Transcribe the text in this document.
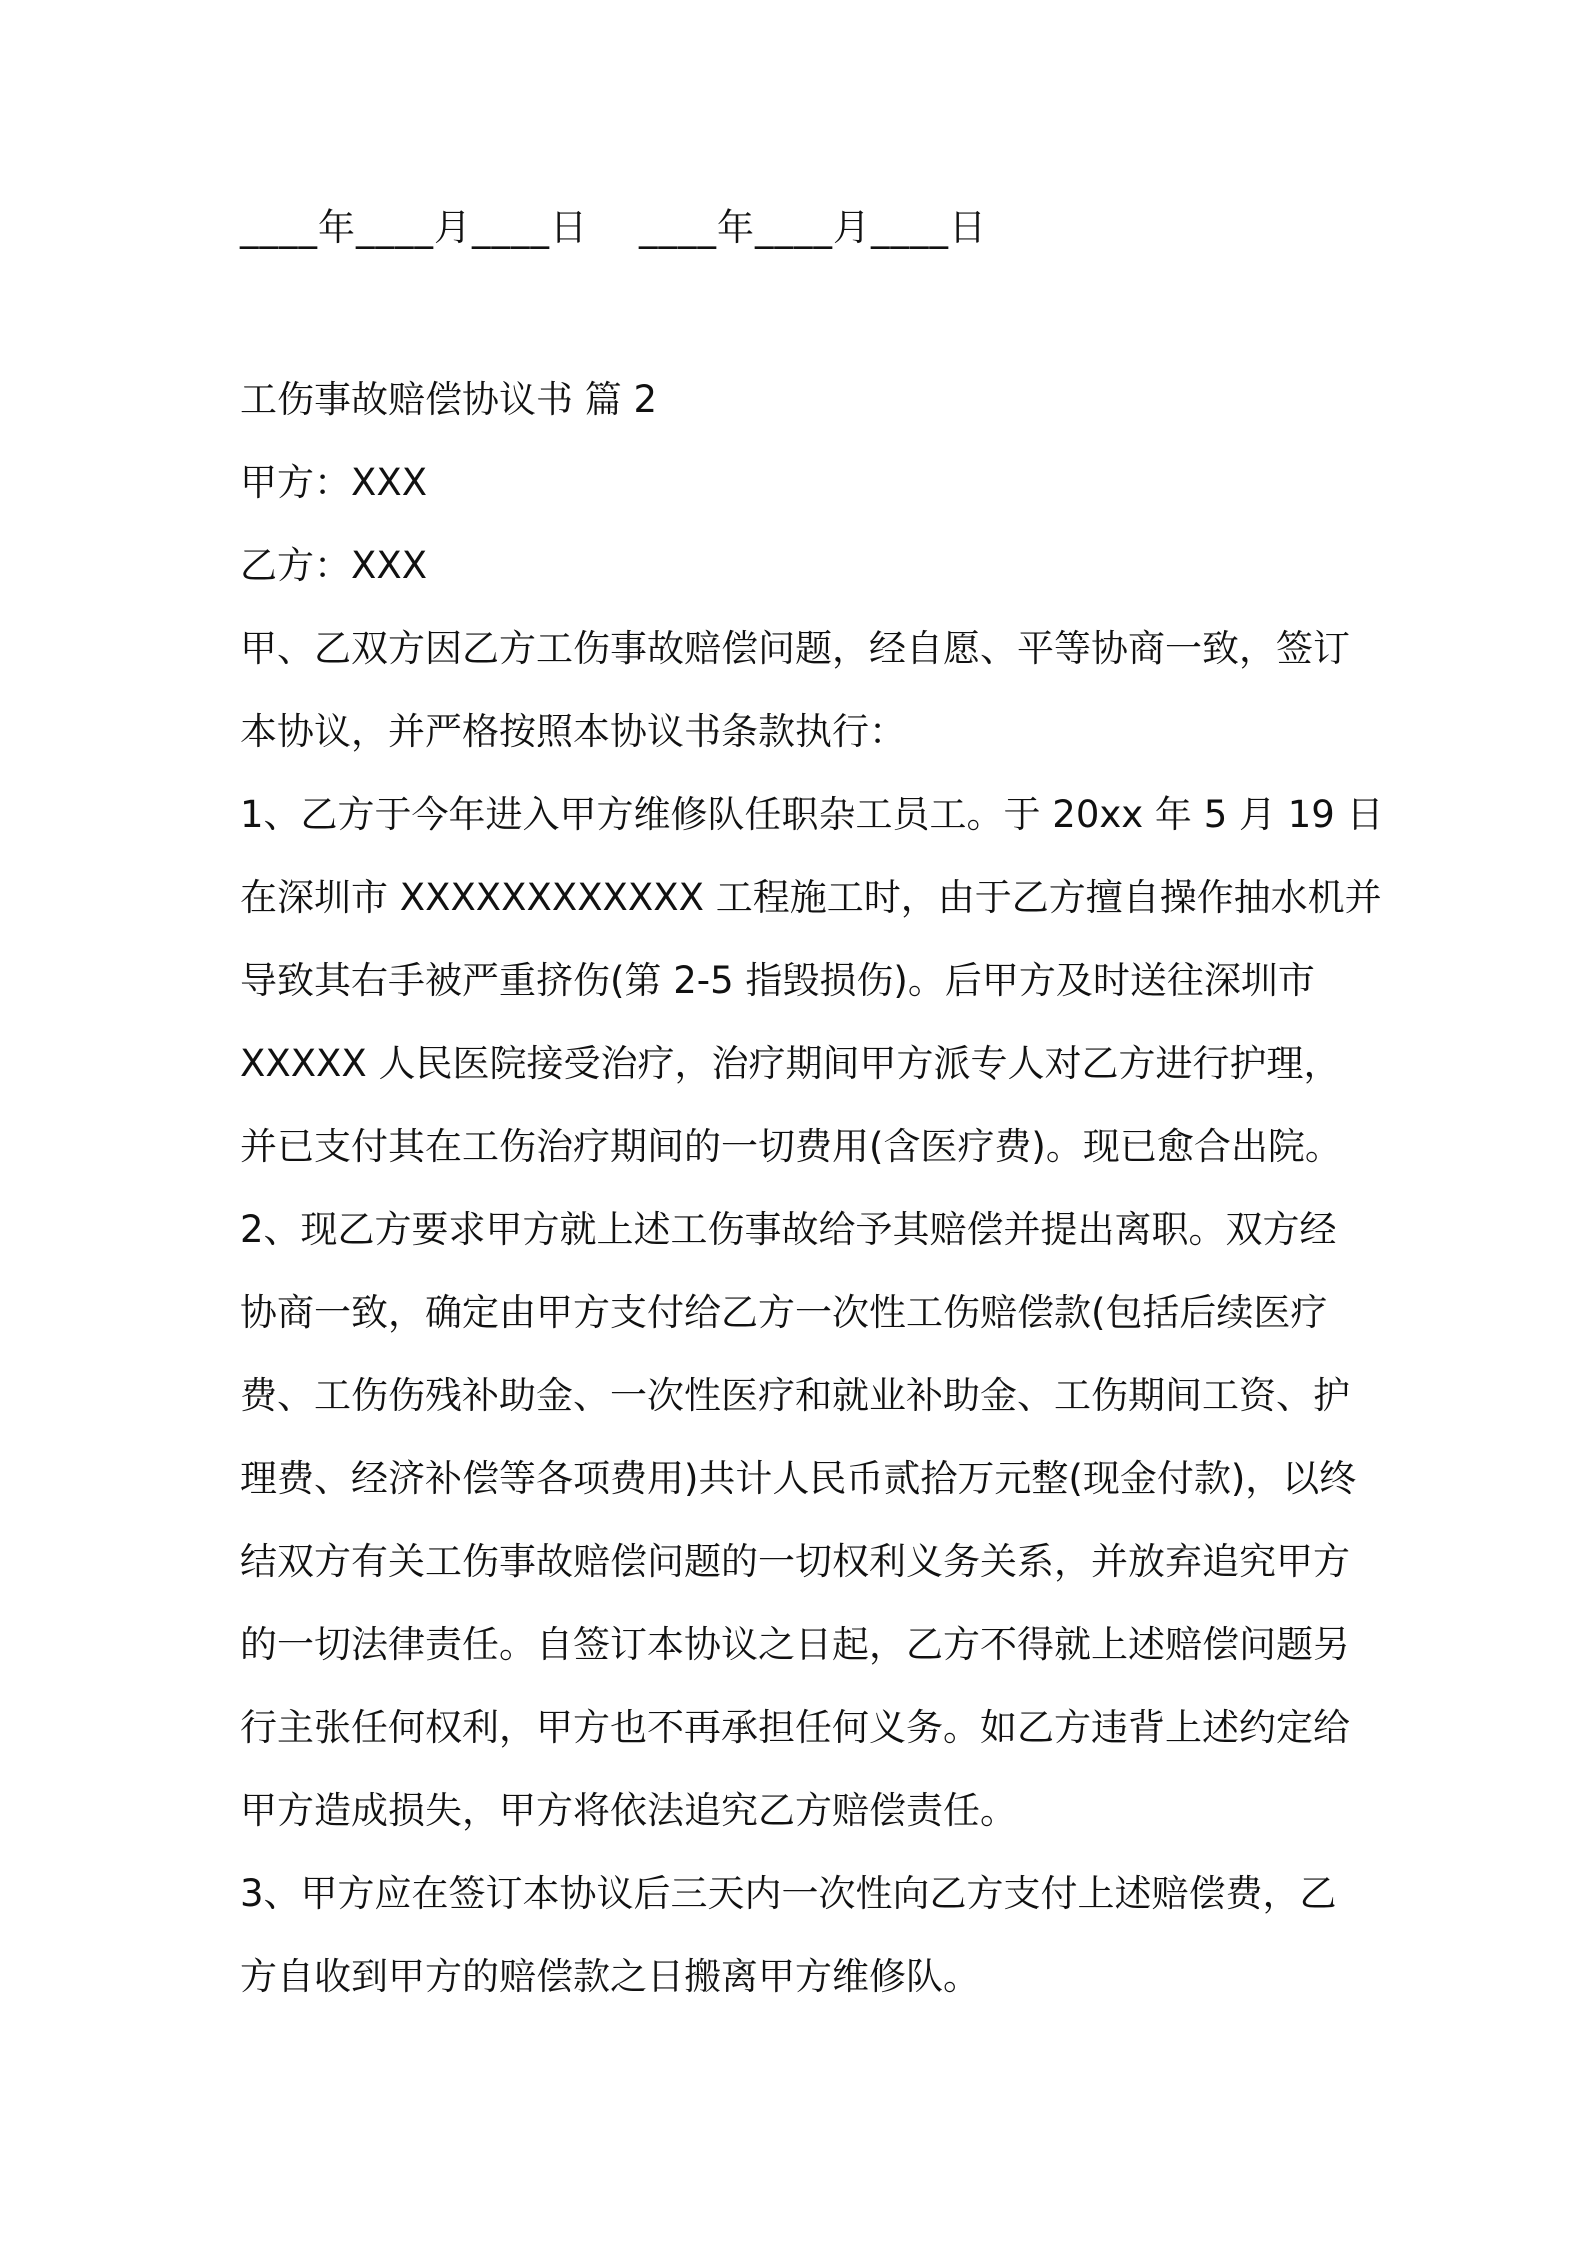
____年____月____日    ____年____月____日
工伤事故赔偿协议书 篇 2
甲方：XXX
乙方：XXX
甲、乙双方因乙方工伤事故赔偿问题，经自愿、平等协商一致，签订
本协议，并严格按照本协议书条款执行：
1、乙方于今年进入甲方维修队任职杂工员工。于 20xx 年 5 月 19 日
在深圳市 XXXXXXXXXXXX 工程施工时，由于乙方擅自操作抽水机并
导致其右手被严重挤伤(第 2-5 指毁损伤)。后甲方及时送往深圳市
XXXXX 人民医院接受治疗，治疗期间甲方派专人对乙方进行护理，
并已支付其在工伤治疗期间的一切费用(含医疗费)。现已愈合出院。
2、现乙方要求甲方就上述工伤事故给予其赔偿并提出离职。双方经
协商一致，确定由甲方支付给乙方一次性工伤赔偿款(包括后续医疗
费、工伤伤残补助金、一次性医疗和就业补助金、工伤期间工资、护
理费、经济补偿等各项费用)共计人民币贰拾万元整(现金付款)，以终
结双方有关工伤事故赔偿问题的一切权利义务关系，并放弃追究甲方
的一切法律责任。自签订本协议之日起，乙方不得就上述赔偿问题另
行主张任何权利，甲方也不再承担任何义务。如乙方违背上述约定给
甲方造成损失，甲方将依法追究乙方赔偿责任。
3、甲方应在签订本协议后三天内一次性向乙方支付上述赔偿费，乙
方自收到甲方的赔偿款之日搬离甲方维修队。
